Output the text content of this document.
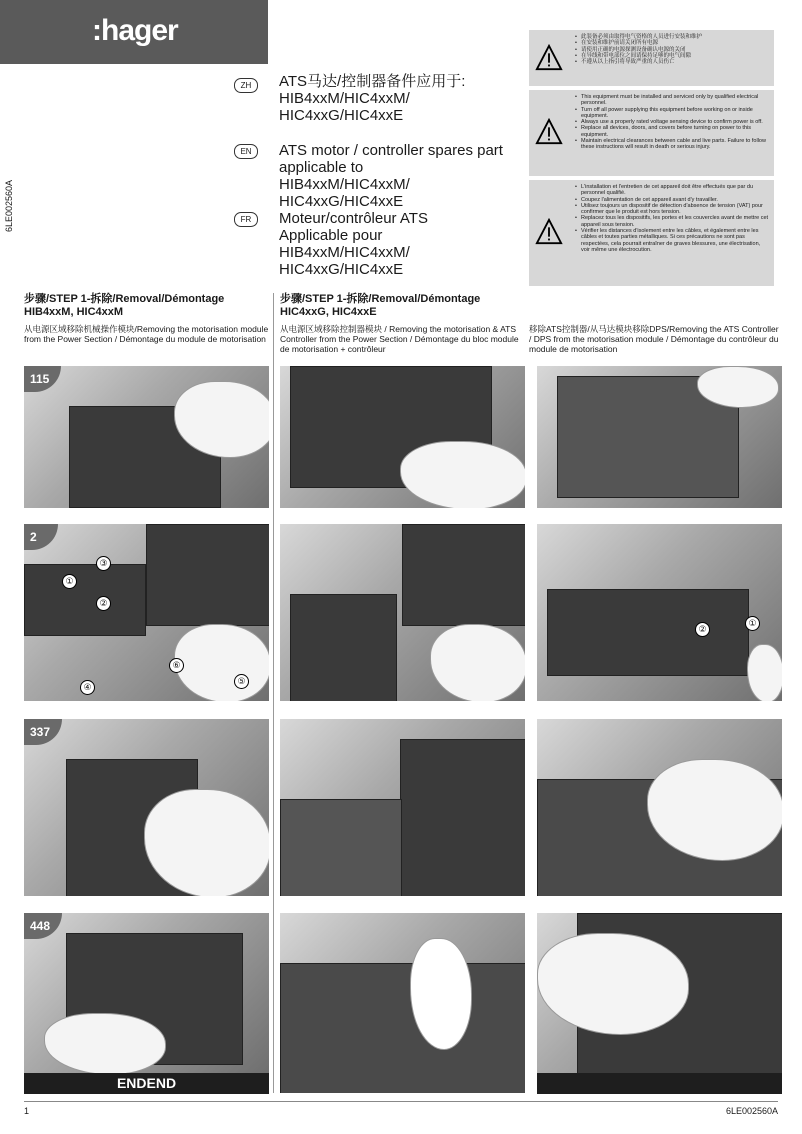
:hager
6LE002560A
ZH
EN
FR
ATS马达/控制器备件应用于:
HIB4xxM/HIC4xxM/
HIC4xxG/HIC4xxE
ATS motor / controller spares part
applicable to
HIB4xxM/HIC4xxM/
HIC4xxG/HIC4xxE
Moteur/contrôleur ATS
Applicable pour
HIB4xxM/HIC4xxM/
HIC4xxG/HIC4xxE
• 此装备必须由取得电气资格的人员进行安装和维护
• 在安装和维护前请关闭所有电源
• 请使用正确的电源探测设备确认电源的关闭
• 在导线和带电部位之间请保持足够的电气间隙
• 不遵从以上指引将导致严重的人员伤亡
• This equipment must be installed and serviced only by qualified electrical personnel.
• Turn off all power supplying this equipment before working on or inside equipment.
• Always use a properly rated voltage sensing device to confirm power is off.
• Replace all devices, doors, and covers before turning on power to this equipment.
• Maintain electrical clearances between cable and live parts. Failure to follow these instructions will result in death or serious injury.
• L'installation et l'entretien de cet appareil doit être effectués que par du personnel qualifié.
• Coupez l'alimentation de cet appareil avant d'y travailler.
• Utilisez toujours un dispositif de détection d'absence de tension (VAT) pour confirmer que le produit est hors tension.
• Replacez tous les dispositifs, les portes et les couvercles avant de mettre cet appareil sous tension.
• Vérifier les distances d'isolement entre les câbles, et également entre les câbles et toutes parties métalliques. Si ces précautions ne sont pas respectées, cela pourrait entraîner de graves blessures, une électrisation, voir même une électrocution.
步骤/STEP 1-拆除/Removal/Démontage
HIB4xxM, HIC4xxM
从电源区域移除机械操作模块/Removing the motorisation module from the Power Section / Démontage du module de motorisation
步骤/STEP 1-拆除/Removal/Démontage
HIC4xxG, HIC4xxE
从电源区域移除控制器模块 / Removing the motorisation & ATS Controller from the Power Section / Démontage du bloc module de motorisation + contrôleur
移除ATS控制器/从马达模块移除DPS/Removing the ATS Controller / DPS from the motorisation module / Démontage du contrôleur du module de motorisation
115
①
②
③
④
⑤
⑥
2
②
①
337
448
ENDEND
1	6LE002560A
